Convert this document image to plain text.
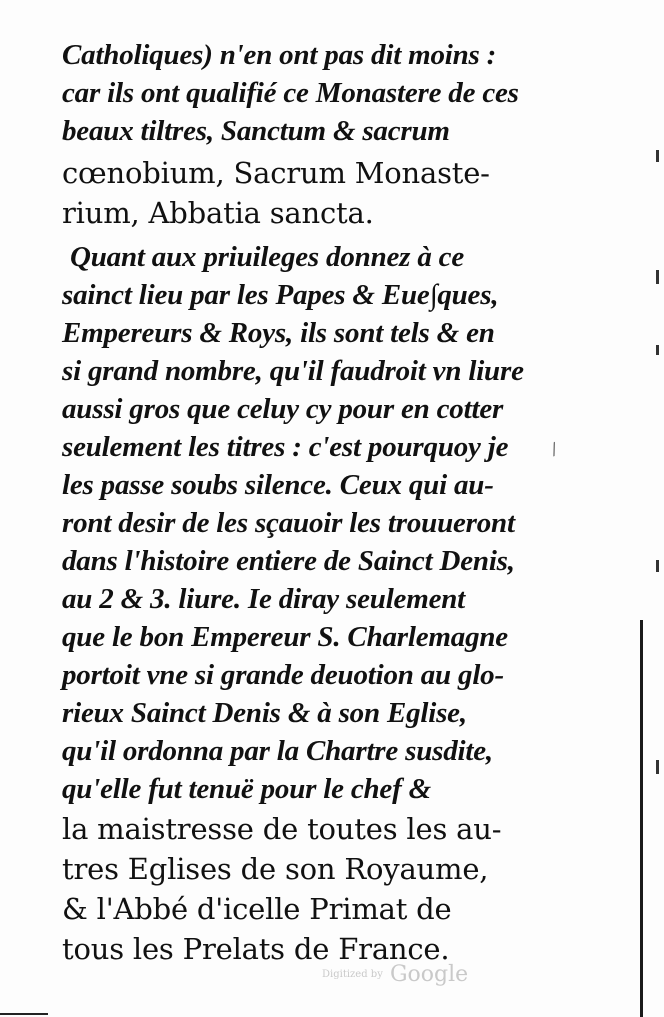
Catholiques) n'en ont pas dit moins :
car ils ont qualifié ce Monastere de ces
beaux tiltres, Sanctum & sacrum
cœnobium, Sacrum Monaste-
rium, Abbatia sancta.
Quant aux priuileges donnez à ce
sainct lieu par les Papes & Eue∫ques,
Empereurs & Roys, ils sont tels & en
si grand nombre, qu'il faudroit vn liure
aussi gros que celuy cy pour en cotter
seulement les titres : c'est pourquoy je
les passe soubs silence. Ceux qui au-
ront desir de les sçauoir les trouueront
dans l'histoire entiere de Sainct Denis,
au 2 & 3. liure. Ie diray seulement
que le bon Empereur S. Charlemagne
portoit vne si grande deuotion au glo-
rieux Sainct Denis & à son Eglise,
qu'il ordonna par la Chartre susdite,
qu'elle fut tenuë pour le chef &
la maistresse de toutes les au-
tres Eglises de son Royaume,
& l'Abbé d'icelle Primat de
tous les Prelats de France.
⁄
Digitized by Google
